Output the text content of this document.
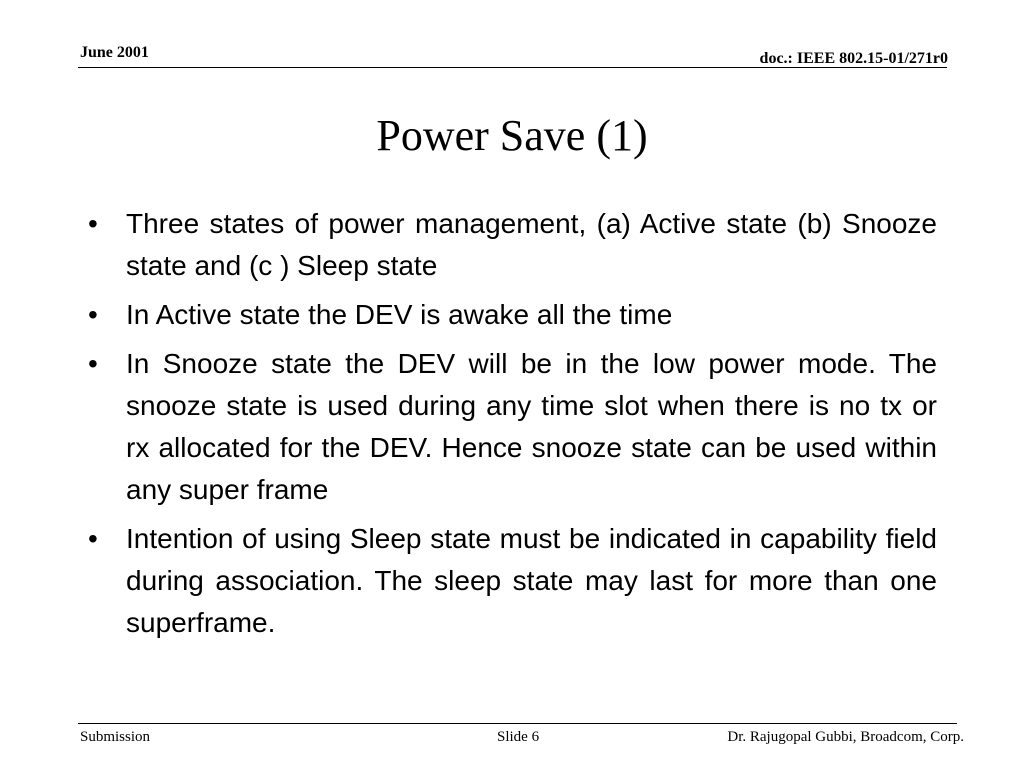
June 2001	doc.: IEEE 802.15-01/271r0
Power Save (1)
• Three states of power management, (a) Active state (b) Snooze state and (c ) Sleep state
• In Active state the DEV is awake all the time
• In Snooze state the DEV will be in the low power mode. The snooze state is used during any time slot when there is no tx or rx allocated for the DEV. Hence snooze state can be used within any super frame
• Intention of using Sleep state must be indicated in capability field during association. The sleep state may last for more than one superframe.
Submission	Slide 6	Dr. Rajugopal Gubbi, Broadcom, Corp.
